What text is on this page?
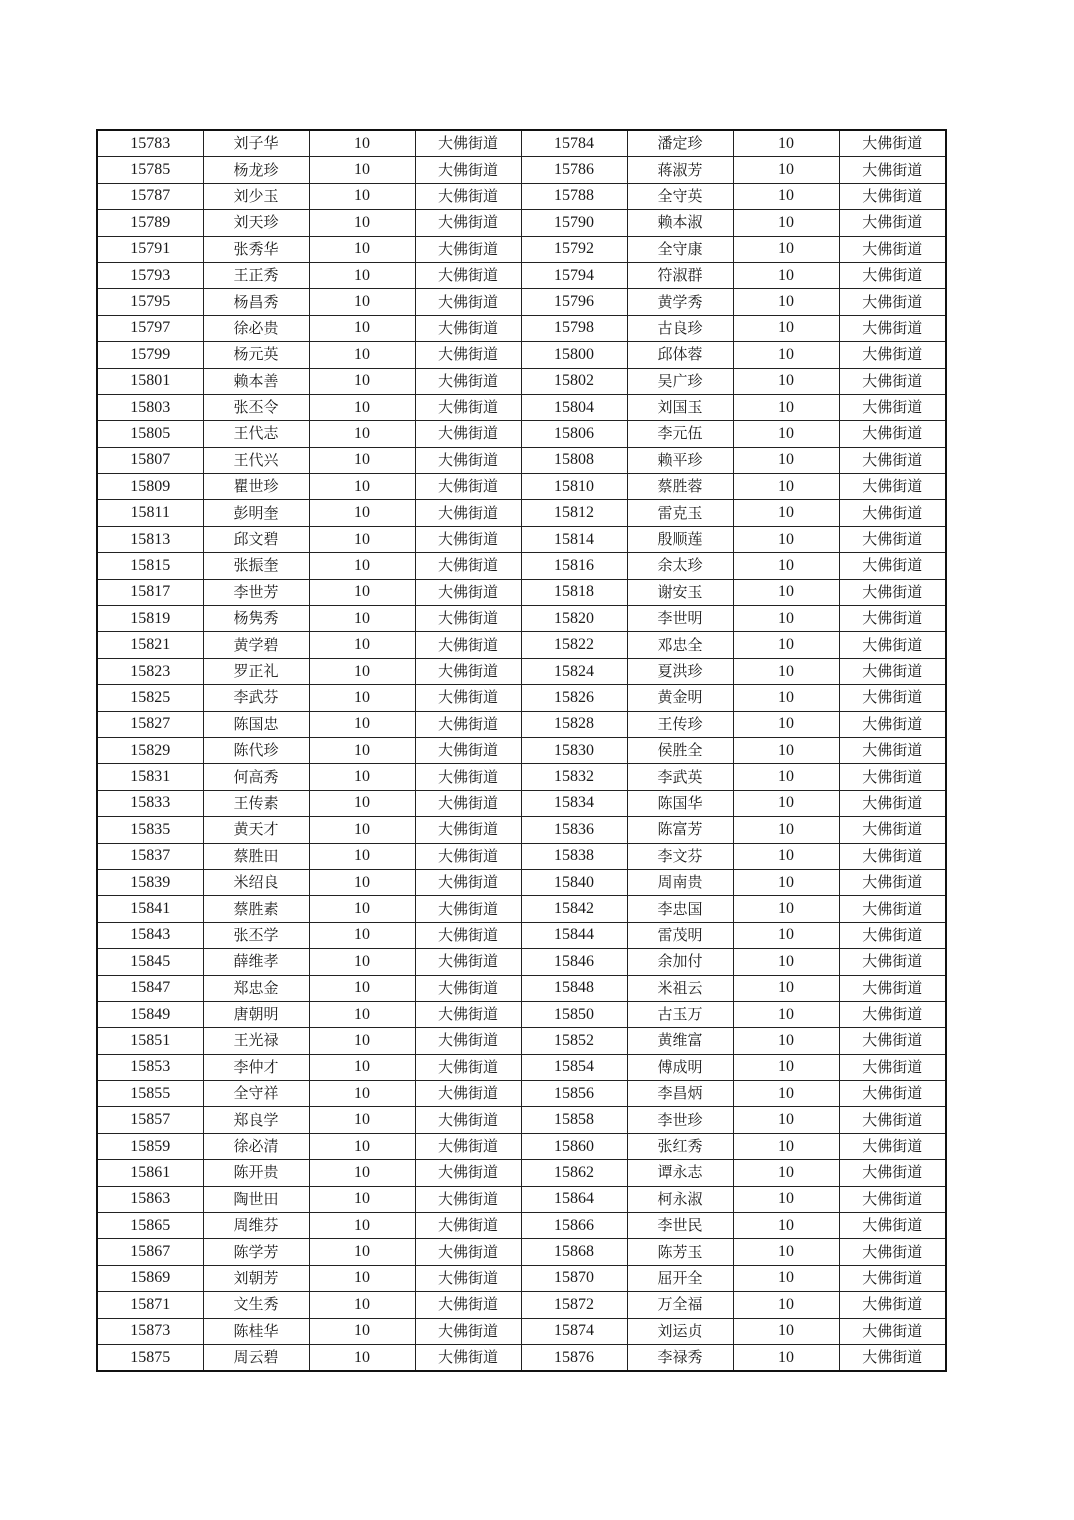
15783	刘子华	10	大佛街道	15784	潘定珍	10	大佛街道
15785	杨龙珍	10	大佛街道	15786	蒋淑芳	10	大佛街道
15787	刘少玉	10	大佛街道	15788	全守英	10	大佛街道
15789	刘天珍	10	大佛街道	15790	赖本淑	10	大佛街道
15791	张秀华	10	大佛街道	15792	全守康	10	大佛街道
15793	王正秀	10	大佛街道	15794	符淑群	10	大佛街道
15795	杨昌秀	10	大佛街道	15796	黄学秀	10	大佛街道
15797	徐必贵	10	大佛街道	15798	古良珍	10	大佛街道
15799	杨元英	10	大佛街道	15800	邱体蓉	10	大佛街道
15801	赖本善	10	大佛街道	15802	吴广珍	10	大佛街道
15803	张丕令	10	大佛街道	15804	刘国玉	10	大佛街道
15805	王代志	10	大佛街道	15806	李元伍	10	大佛街道
15807	王代兴	10	大佛街道	15808	赖平珍	10	大佛街道
15809	瞿世珍	10	大佛街道	15810	蔡胜蓉	10	大佛街道
15811	彭明奎	10	大佛街道	15812	雷克玉	10	大佛街道
15813	邱文碧	10	大佛街道	15814	殷顺莲	10	大佛街道
15815	张振奎	10	大佛街道	15816	余太珍	10	大佛街道
15817	李世芳	10	大佛街道	15818	谢安玉	10	大佛街道
15819	杨隽秀	10	大佛街道	15820	李世明	10	大佛街道
15821	黄学碧	10	大佛街道	15822	邓忠全	10	大佛街道
15823	罗正礼	10	大佛街道	15824	夏洪珍	10	大佛街道
15825	李武芬	10	大佛街道	15826	黄金明	10	大佛街道
15827	陈国忠	10	大佛街道	15828	王传珍	10	大佛街道
15829	陈代珍	10	大佛街道	15830	侯胜全	10	大佛街道
15831	何高秀	10	大佛街道	15832	李武英	10	大佛街道
15833	王传素	10	大佛街道	15834	陈国华	10	大佛街道
15835	黄天才	10	大佛街道	15836	陈富芳	10	大佛街道
15837	蔡胜田	10	大佛街道	15838	李文芬	10	大佛街道
15839	米绍良	10	大佛街道	15840	周南贵	10	大佛街道
15841	蔡胜素	10	大佛街道	15842	李忠国	10	大佛街道
15843	张丕学	10	大佛街道	15844	雷茂明	10	大佛街道
15845	薛维孝	10	大佛街道	15846	余加付	10	大佛街道
15847	郑忠金	10	大佛街道	15848	米祖云	10	大佛街道
15849	唐朝明	10	大佛街道	15850	古玉万	10	大佛街道
15851	王光禄	10	大佛街道	15852	黄维富	10	大佛街道
15853	李仲才	10	大佛街道	15854	傅成明	10	大佛街道
15855	全守祥	10	大佛街道	15856	李昌炳	10	大佛街道
15857	郑良学	10	大佛街道	15858	李世珍	10	大佛街道
15859	徐必清	10	大佛街道	15860	张红秀	10	大佛街道
15861	陈开贵	10	大佛街道	15862	谭永志	10	大佛街道
15863	陶世田	10	大佛街道	15864	柯永淑	10	大佛街道
15865	周维芬	10	大佛街道	15866	李世民	10	大佛街道
15867	陈学芳	10	大佛街道	15868	陈芳玉	10	大佛街道
15869	刘朝芳	10	大佛街道	15870	屈开全	10	大佛街道
15871	文生秀	10	大佛街道	15872	万全福	10	大佛街道
15873	陈桂华	10	大佛街道	15874	刘运贞	10	大佛街道
15875	周云碧	10	大佛街道	15876	李禄秀	10	大佛街道
